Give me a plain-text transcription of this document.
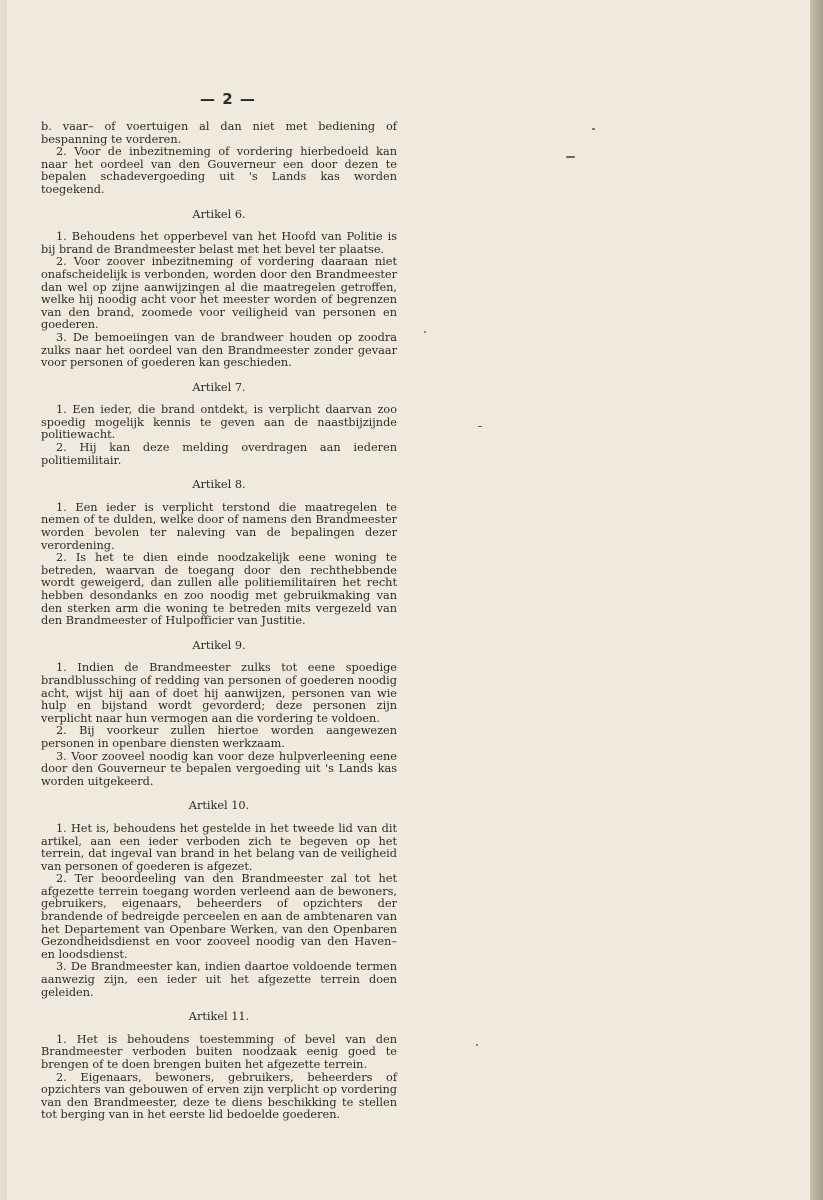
— 2 —

b. vaar– of voertuigen al dan niet met bediening of bespanning te vorderen.

2. Voor de inbezitneming of vordering hierbedoeld kan naar het oordeel van den Gouverneur een door dezen te bepalen schadevergoeding uit 's Lands kas worden toegekend.

Artikel 6.

1. Behoudens het opperbevel van het Hoofd van Politie is bij brand de Brandmeester belast met het bevel ter plaatse.

2. Voor zoover inbezitneming of vordering daaraan niet onafscheidelijk is verbonden, worden door den Brandmeester dan wel op zijne aanwijzingen al die maatregelen getroffen, welke hij noodig acht voor het meester worden of begrenzen van den brand, zoomede voor veiligheid van personen en goederen.

3. De bemoeiingen van de brandweer houden op zoodra zulks naar het oordeel van den Brandmeester zonder gevaar voor personen of goederen kan geschieden.

Artikel 7.

1. Een ieder, die brand ontdekt, is verplicht daarvan zoo spoedig mogelijk kennis te geven aan de naastbijzijnde politiewacht.

2. Hij kan deze melding overdragen aan iederen politiemilitair.

Artikel 8.

1. Een ieder is verplicht terstond die maatregelen te nemen of te dulden, welke door of namens den Brandmeester worden bevolen ter naleving van de bepalingen dezer verordening.

2. Is het te dien einde noodzakelijk eene woning te betreden, waarvan de toegang door den rechthebbende wordt geweigerd, dan zullen alle politiemilitairen het recht hebben desondanks en zoo noodig met gebruikmaking van den sterken arm die woning te betreden mits vergezeld van den Brandmeester of Hulpofficier van Justitie.

Artikel 9.

1. Indien de Brandmeester zulks tot eene spoedige brandblussching of redding van personen of goederen noodig acht, wijst hij aan of doet hij aanwijzen, personen van wie hulp en bijstand wordt gevorderd; deze personen zijn verplicht naar hun vermogen aan die vordering te voldoen.

2. Bij voorkeur zullen hiertoe worden aangewezen personen in openbare diensten werkzaam.

3. Voor zooveel noodig kan voor deze hulpverleening eene door den Gouverneur te bepalen vergoeding uit 's Lands kas worden uitgekeerd.

Artikel 10.

1. Het is, behoudens het gestelde in het tweede lid van dit artikel, aan een ieder verboden zich te begeven op het terrein, dat ingeval van brand in het belang van de veiligheid van personen of goederen is afgezet.

2. Ter beoordeeling van den Brandmeester zal tot het afgezette terrein toegang worden verleend aan de bewoners, gebruikers, eigenaars, beheerders of opzichters der brandende of bedreigde perceelen en aan de ambtenaren van het Departement van Openbare Werken, van den Openbaren Gezondheidsdienst en voor zooveel noodig van den Haven– en loodsdienst.

3. De Brandmeester kan, indien daartoe voldoende termen aanwezig zijn, een ieder uit het afgezette terrein doen geleiden.

Artikel 11.

1. Het is behoudens toestemming of bevel van den Brandmeester verboden buiten noodzaak eenig goed te brengen of te doen brengen buiten het afgezette terrein.

2. Eigenaars, bewoners, gebruikers, beheerders of opzichters van gebouwen of erven zijn verplicht op vordering van den Brandmeester, deze te diens beschikking te stellen tot berging van in het eerste lid bedoelde goederen.
